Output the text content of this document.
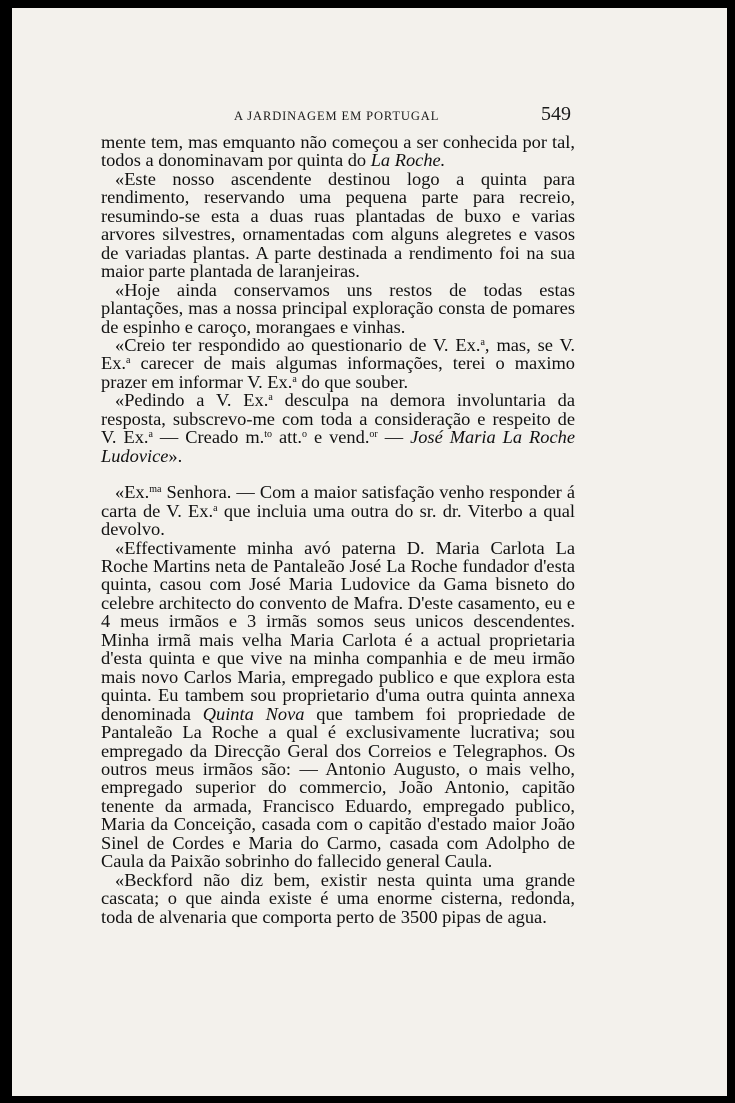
A JARDINAGEM EM PORTUGAL	549

mente tem, mas emquanto não começou a ser conhecida por tal, todos a donominavam por quinta do La Roche.

«Este nosso ascendente destinou logo a quinta para rendimento, reservando uma pequena parte para recreio, resumindo-se esta a duas ruas plantadas de buxo e varias arvores silvestres, ornamentadas com alguns alegretes e vasos de variadas plantas. A parte destinada a rendimento foi na sua maior parte plantada de laranjeiras.

«Hoje ainda conservamos uns restos de todas estas plantações, mas a nossa principal exploração consta de pomares de espinho e caroço, morangaes e vinhas.

«Creio ter respondido ao questionario de V. Ex.$^a$, mas, se V. Ex.$^a$ carecer de mais algumas informações, terei o maximo prazer em informar V. Ex.$^a$ do que souber.

«Pedindo a V. Ex.$^a$ desculpa na demora involuntaria da resposta, subscrevo-me com toda a consideração e respeito de V. Ex.$^a$ — Creado m.$^{to}$ att.$^o$ e vend.$^{or}$ — José Maria La Roche Ludovice».

«Ex.$^{ma}$ Senhora. — Com a maior satisfação venho responder á carta de V. Ex.$^a$ que incluia uma outra do sr. dr. Viterbo a qual devolvo.

«Effectivamente minha avó paterna D. Maria Carlota La Roche Martins neta de Pantaleão José La Roche fundador d'esta quinta, casou com José Maria Ludovice da Gama bisneto do celebre architecto do convento de Mafra. D'este casamento, eu e 4 meus irmãos e 3 irmãs somos seus unicos descendentes. Minha irmã mais velha Maria Carlota é a actual proprietaria d'esta quinta e que vive na minha companhia e de meu irmão mais novo Carlos Maria, empregado publico e que explora esta quinta. Eu tambem sou proprietario d'uma outra quinta annexa denominada Quinta Nova que tambem foi propriedade de Pantaleão La Roche a qual é exclusivamente lucrativa; sou empregado da Direcção Geral dos Correios e Telegraphos. Os outros meus irmãos são: — Antonio Augusto, o mais velho, empregado superior do commercio, João Antonio, capitão tenente da armada, Francisco Eduardo, empregado publico, Maria da Conceição, casada com o capitão d'estado maior João Sinel de Cordes e Maria do Carmo, casada com Adolpho de Caula da Paixão sobrinho do fallecido general Caula.

«Beckford não diz bem, existir nesta quinta uma grande cascata; o que ainda existe é uma enorme cisterna, redonda, toda de alvenaria que comporta perto de 3500 pipas de agua.
